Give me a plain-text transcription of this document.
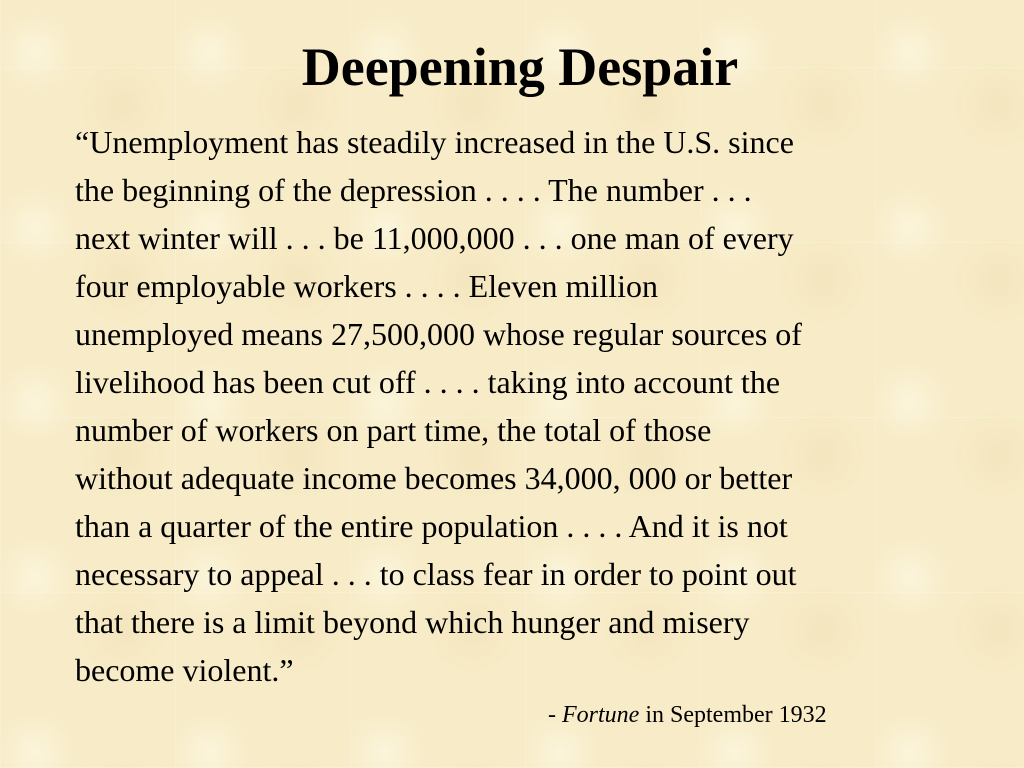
Deepening Despair

“Unemployment has steadily increased in the U.S. since
the beginning of the depression . . . . The number . . .
next winter will . . . be 11,000,000 . . . one man of every
four employable workers . . . . Eleven million
unemployed means 27,500,000 whose regular sources of
livelihood has been cut off . . . . taking into account the
number of workers on part time, the total of those
without adequate income becomes 34,000, 000 or better
than a quarter of the entire population . . . . And it is not
necessary to appeal . . . to class fear in order to point out
that there is a limit beyond which hunger and misery
become violent.”

- Fortune in September 1932
